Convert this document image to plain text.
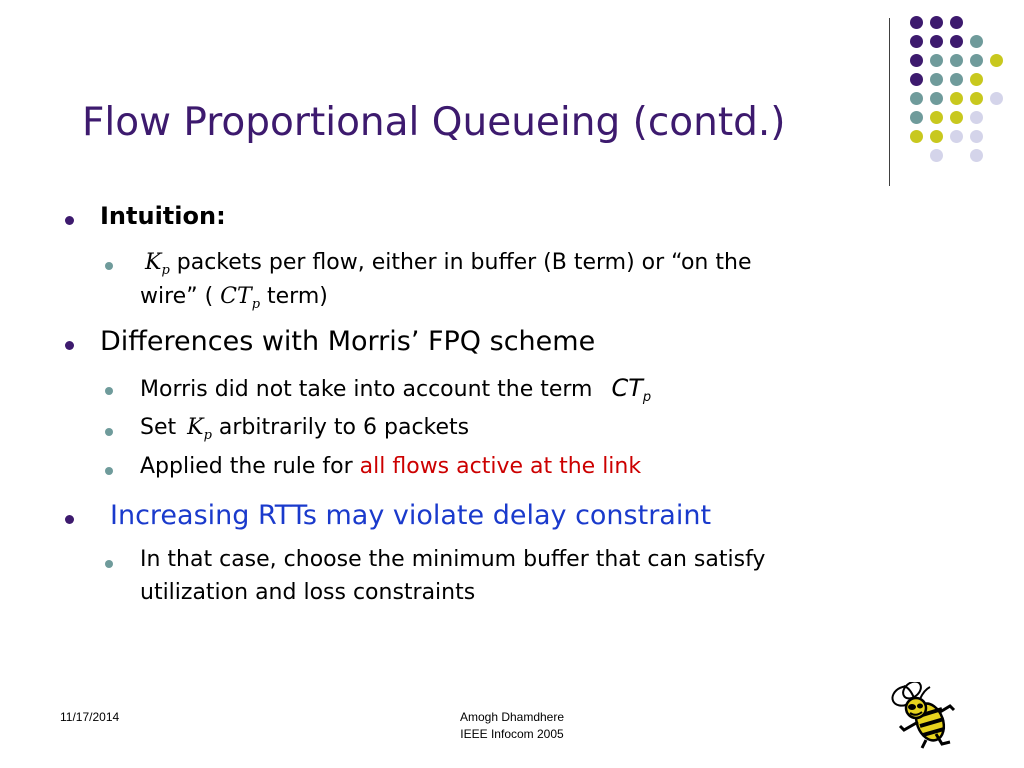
Flow Proportional Queueing (contd.)
Intuition:
$K_p$ packets per flow, either in buffer (B term) or “on the
wire” ( $CT_p$ term)
Differences with Morris’ FPQ scheme
Morris did not take into account the term $CT_p$
Set $K_p$ arbitrarily to 6 packets
Applied the rule for all flows active at the link
Increasing RTTs may violate delay constraint
In that case, choose the minimum buffer that can satisfy
utilization and loss constraints
11/17/2014	Amogh Dhamdhere
IEEE Infocom 2005
